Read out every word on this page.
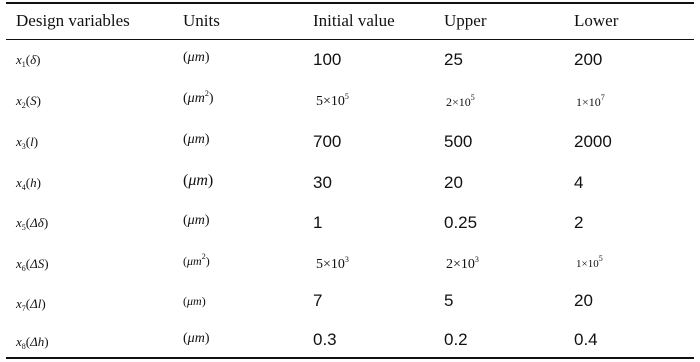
Design variables	Units	Initial value	Upper	Lower
$x_1(\delta)$	(μm)	100	25	200
$x_2(S)$	$(\mu m^2)$	$5\times 10^5$	$2\times 10^5$	$1\times 10^7$
$x_3(l)$	(μm)	700	500	2000
$x_4(h)$	(μm)	30	20	4
$x_5(\Delta\delta)$	(μm)	1	0.25	2
$x_6(\Delta S)$	$(\mu m^2)$	$5\times 10^3$	$2\times 10^3$	$1\times 10^5$
$x_7(\Delta l)$	(μm)	7	5	20
$x_8(\Delta h)$	(μm)	0.3	0.2	0.4
